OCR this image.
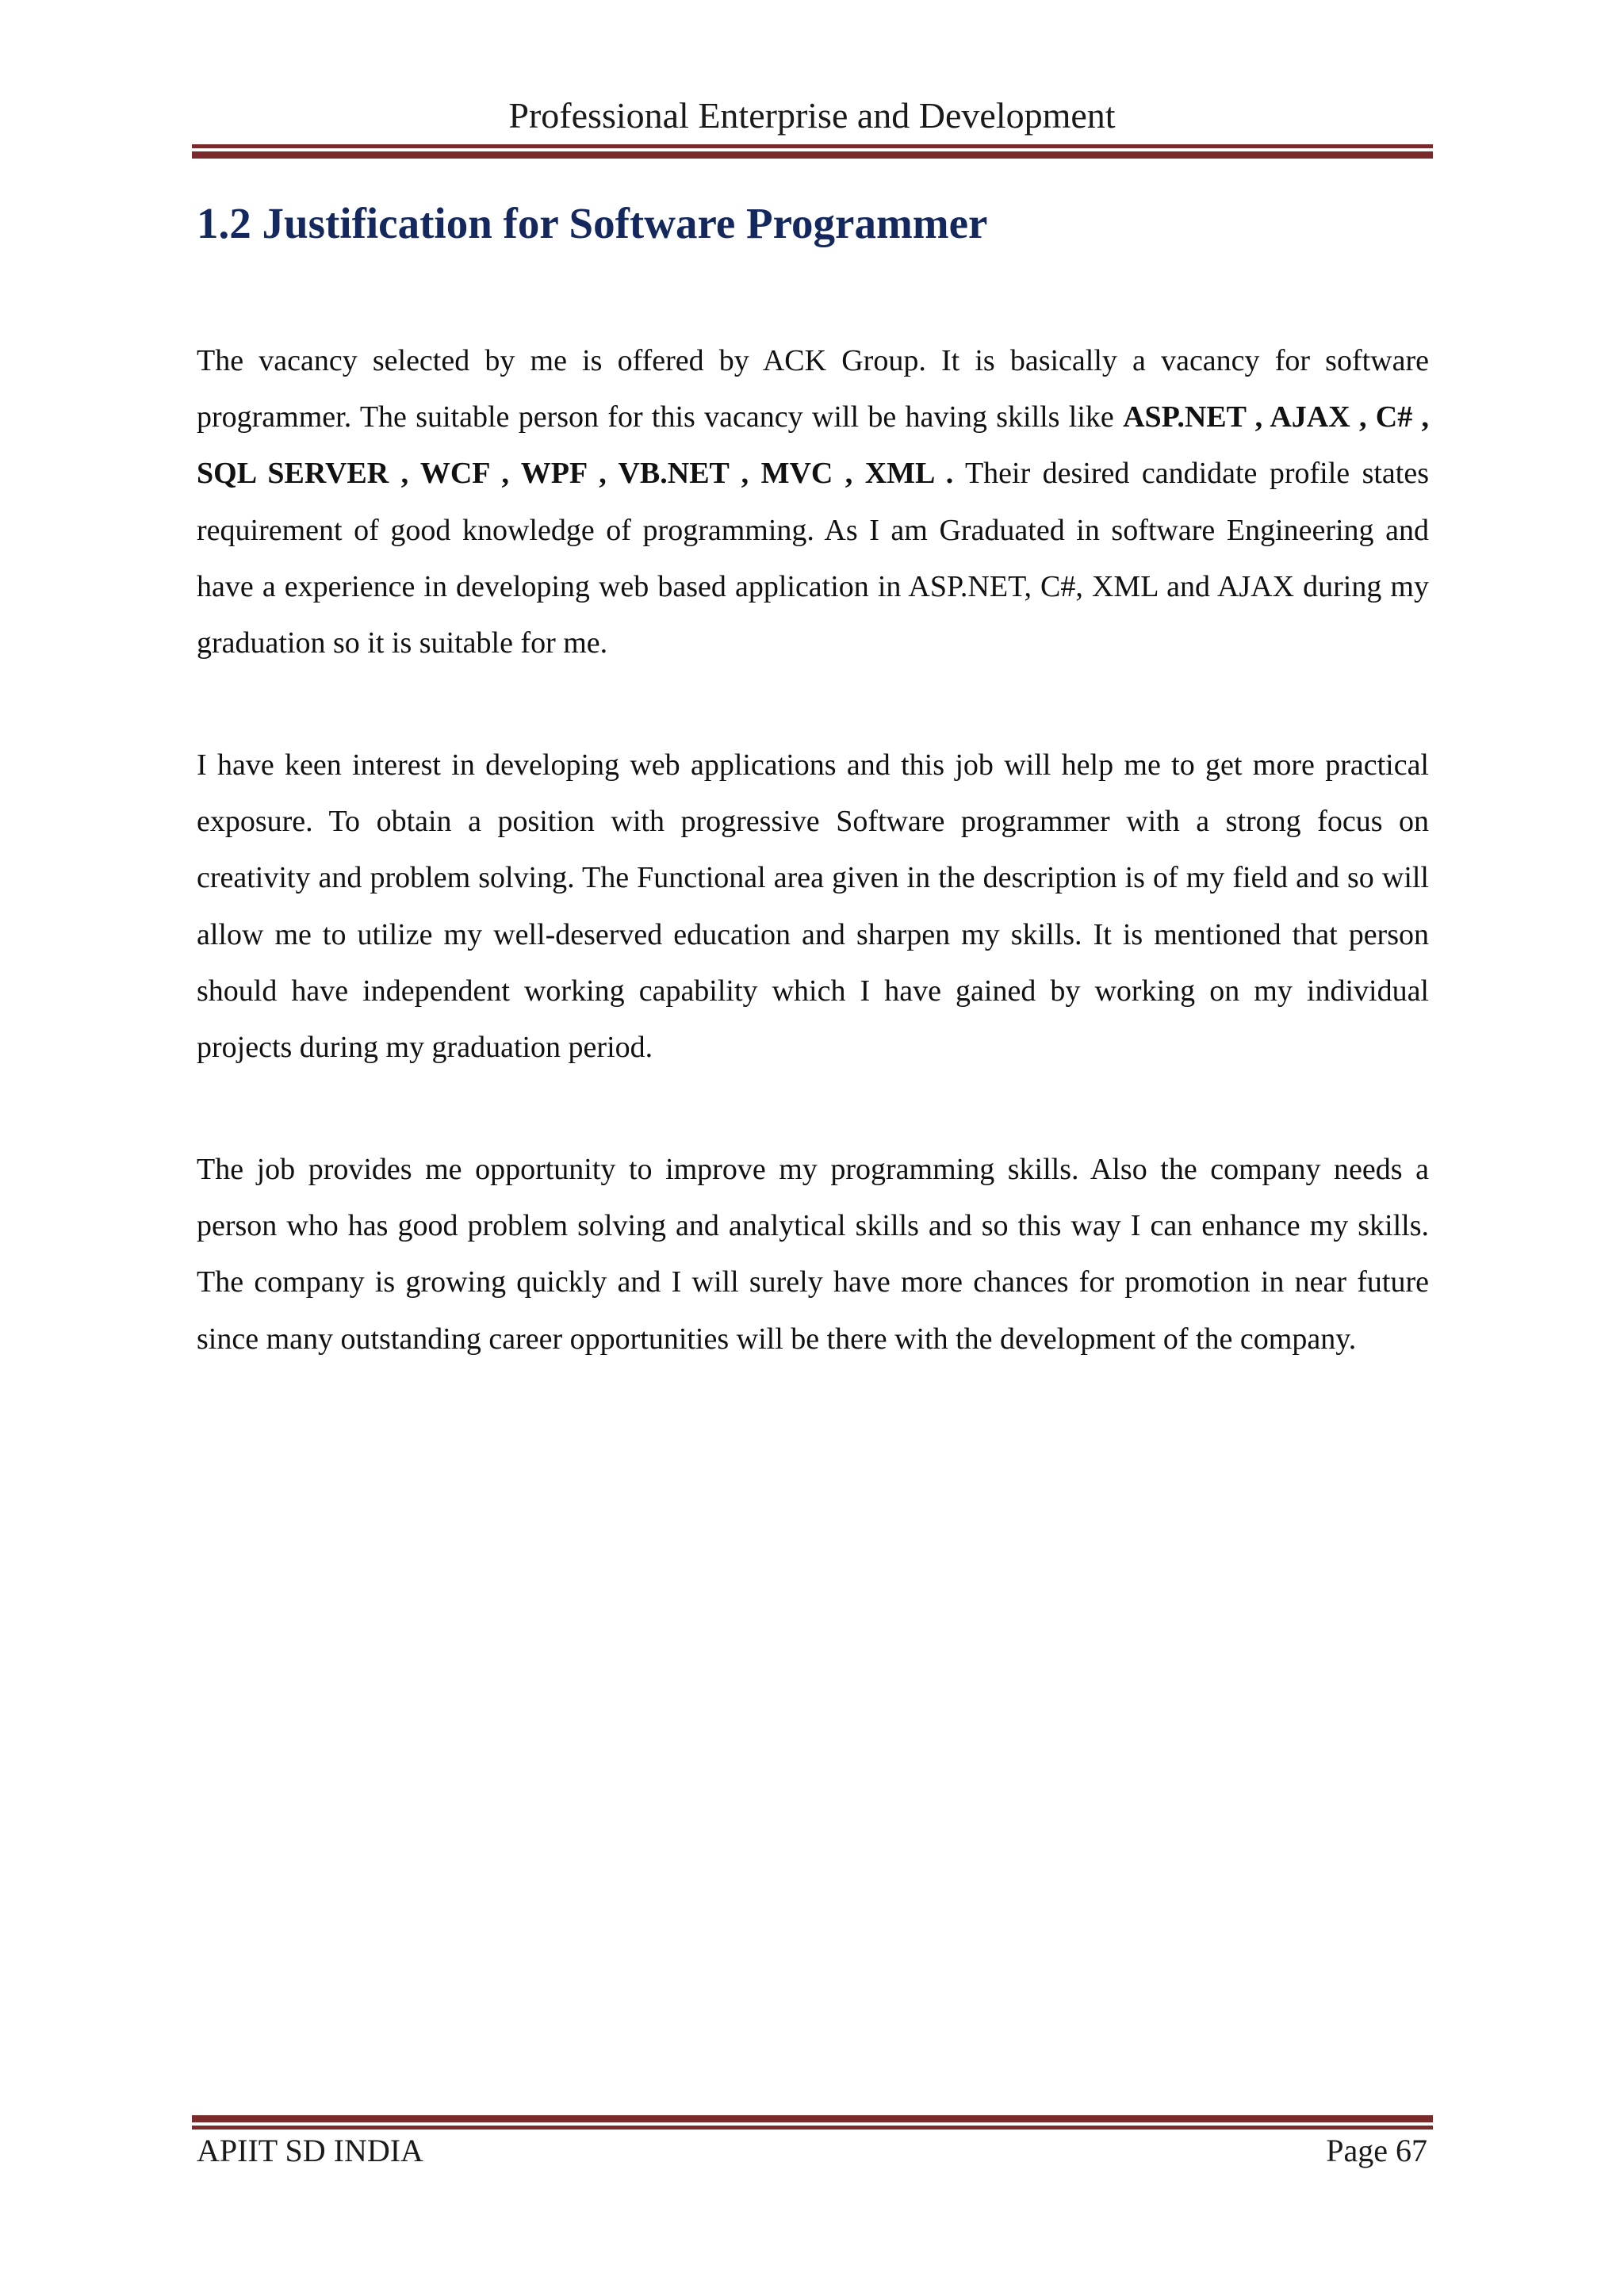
Professional Enterprise and Development
1.2 Justification for Software Programmer

The vacancy selected by me is offered by ACK Group. It is basically a vacancy for software programmer. The suitable person for this vacancy will be having skills like ASP.NET , AJAX , C# , SQL SERVER , WCF , WPF , VB.NET , MVC , XML . Their desired candidate profile states requirement of good knowledge of programming. As I am Graduated in software Engineering and have a experience in developing web based application in ASP.NET, C#, XML and AJAX during my graduation so it is suitable for me.

I have keen interest in developing web applications and this job will help me to get more practical exposure. To obtain a position with progressive Software programmer with a strong focus on creativity and problem solving. The Functional area given in the description is of my field and so will allow me to utilize my well-deserved education and sharpen my skills. It is mentioned that person should have independent working capability which I have gained by working on my individual projects during my graduation period.

The job provides me opportunity to improve my programming skills. Also the company needs a person who has good problem solving and analytical skills and so this way I can enhance my skills. The company is growing quickly and I will surely have more chances for promotion in near future since many outstanding career opportunities will be there with the development of the company.

APIIT SD INDIA	Page 67
